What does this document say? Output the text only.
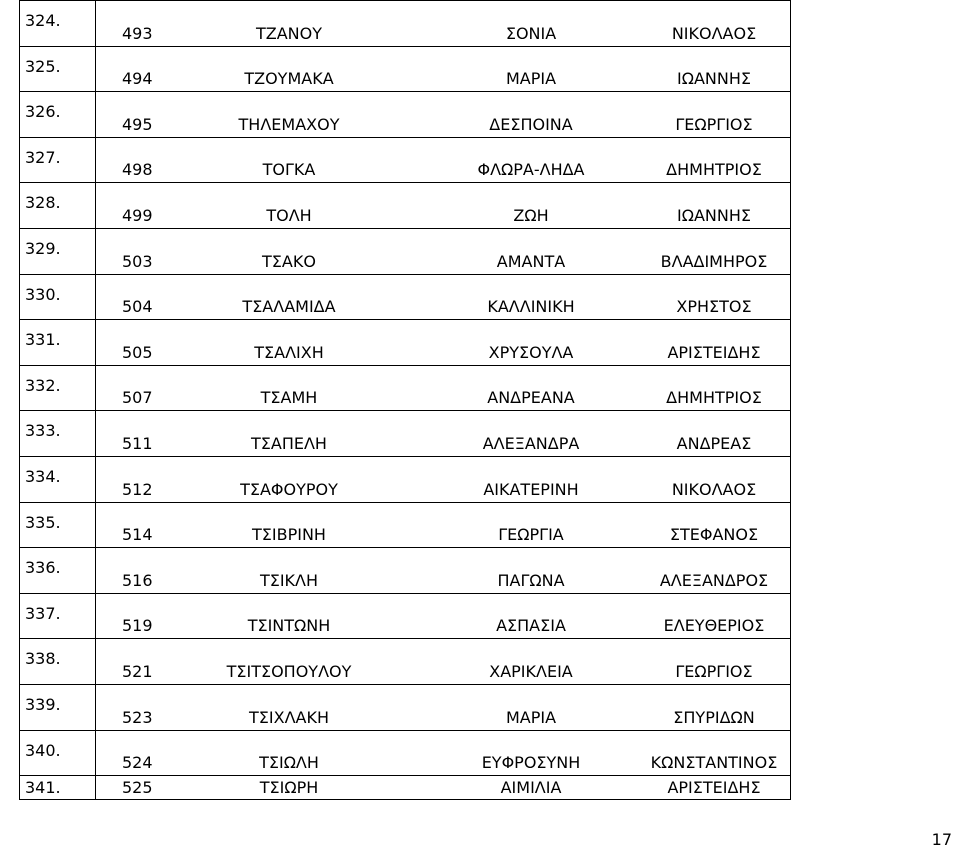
324.	493 ΤΖΑΝΟΥ ΣΟΝΙΑ ΝΙΚΟΛΑΟΣ

325.	494 ΤΖΟΥΜΑΚΑ ΜΑΡΙΑ ΙΩΑΝΝΗΣ

326.	495 ΤΗΛΕΜΑΧΟΥ ΔΕΣΠΟΙΝΑ ΓΕΩΡΓΙΟΣ

327.	498 ΤΟΓΚΑ ΦΛΩΡΑ-ΛΗΔΑ ΔΗΜΗΤΡΙΟΣ

328.	499 ΤΟΛΗ ΖΩΗ ΙΩΑΝΝΗΣ

329.	503 ΤΣΑΚΟ ΑΜΑΝΤΑ ΒΛΑΔΙΜΗΡΟΣ

330.	504 ΤΣΑΛΑΜΙΔΑ ΚΑΛΛΙΝΙΚΗ ΧΡΗΣΤΟΣ

331.	505 ΤΣΑΛΙΧΗ ΧΡΥΣΟΥΛΑ ΑΡΙΣΤΕΙΔΗΣ

332.	507 ΤΣΑΜΗ ΑΝΔΡΕΑΝΑ ΔΗΜΗΤΡΙΟΣ

333.	511 ΤΣΑΠΕΛΗ ΑΛΕΞΑΝΔΡΑ ΑΝΔΡΕΑΣ

334.	512 ΤΣΑΦΟΥΡΟΥ ΑΙΚΑΤΕΡΙΝΗ ΝΙΚΟΛΑΟΣ

335.	514 ΤΣΙΒΡΙΝΗ ΓΕΩΡΓΙΑ ΣΤΕΦΑΝΟΣ

336.	516 ΤΣΙΚΛΗ ΠΑΓΩΝΑ ΑΛΕΞΑΝΔΡΟΣ

337.	519 ΤΣΙΝΤΩΝΗ ΑΣΠΑΣΙΑ ΕΛΕΥΘΕΡΙΟΣ

338.	521 ΤΣΙΤΣΟΠΟΥΛΟΥ ΧΑΡΙΚΛΕΙΑ ΓΕΩΡΓΙΟΣ

339.	523 ΤΣΙΧΛΑΚΗ ΜΑΡΙΑ ΣΠΥΡΙΔΩΝ

340.	524 ΤΣΙΩΛΗ ΕΥΦΡΟΣΥΝΗ ΚΩΝΣΤΑΝΤΙΝΟΣ

341.	525 ΤΣΙΩΡΗ ΑΙΜΙΛΙΑ ΑΡΙΣΤΕΙΔΗΣ
17
